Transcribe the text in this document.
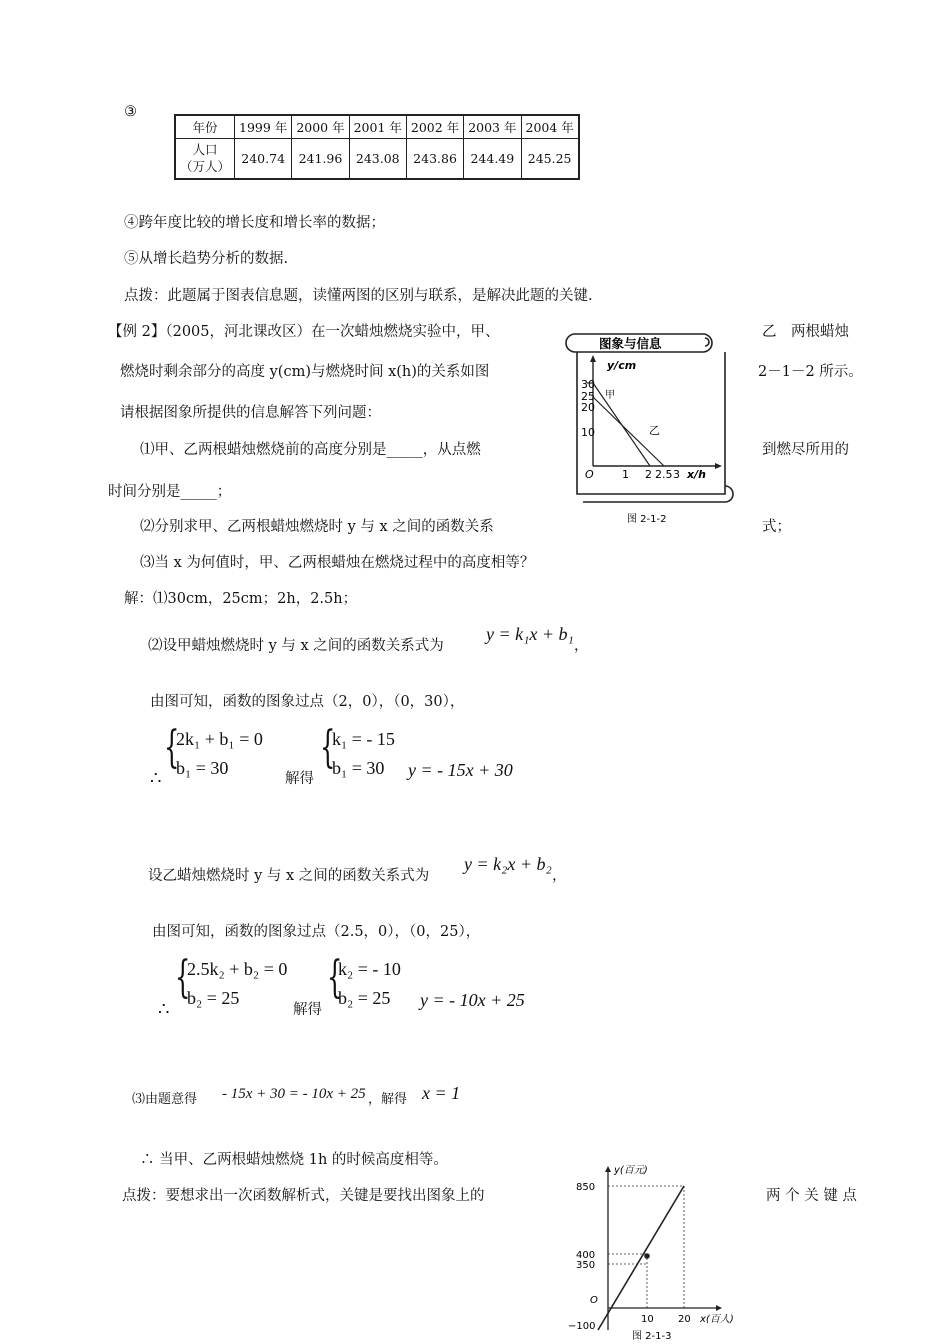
③
年份	1999 年	2000 年	2001 年	2002 年	2003 年	2004 年
人口
（万人）	240.74	241.96	243.08	243.86	244.49	245.25
④跨年度比较的增长度和增长率的数据；
⑤从增长趋势分析的数据.
点拨：此题属于图表信息题，读懂两图的区别与联系，是解决此题的关键.
【例 2】（2005，河北课改区）在一次蜡烛燃烧实验中，甲、	乙　两根蜡烛
燃烧时剩余部分的高度 y(cm)与燃烧时间 x(h)的关系如图	2－1－2 所示。
请根据图象所提供的信息解答下列问题：
⑴甲、乙两根蜡烛燃烧前的高度分别是_____，从点燃	到燃尽所用的
时间分别是_____；
⑵分别求甲、乙两根蜡烛燃烧时 y 与 x 之间的函数关系	式；
⑶当 x 为何值时，甲、乙两根蜡烛在燃烧过程中的高度相等？
图象与信息
y/cm
30
25
20
10
O	1 2 2.5 3 x/h
甲
乙
图 2-1-2
解：⑴30cm，25cm；2h，2.5h；
⑵设甲蜡烛燃烧时 y 与 x 之间的函数关系式为
y = k₁x + b₁
，
由图可知，函数的图象过点（2，0），（0，30），
{
2k₁ + b₁ = 0
b₁ = 30
∴	解得
{
k₁ = - 15
b₁ = 30 y = - 15x + 30
设乙蜡烛燃烧时 y 与 x 之间的函数关系式为
y = k₂x + b₂
，
由图可知，函数的图象过点（2.5，0），（0，25），
{
2.5k₂ + b₂ = 0
b₂ = 25
∴	解得
{
k₂ = - 10
b₂ = 25 y = - 10x + 25
⑶由题意得 - 15x + 30 = - 10x + 25 ，解得 x = 1
∴ 当甲、乙两根蜡烛燃烧 1h 的时候高度相等。
点拨：要想求出一次函数解析式，关键是要找出图象上的	两 个 关 键 点
y(百元)
850
400
350
O
−100
10 20 x(百人)
图 2-1-3
